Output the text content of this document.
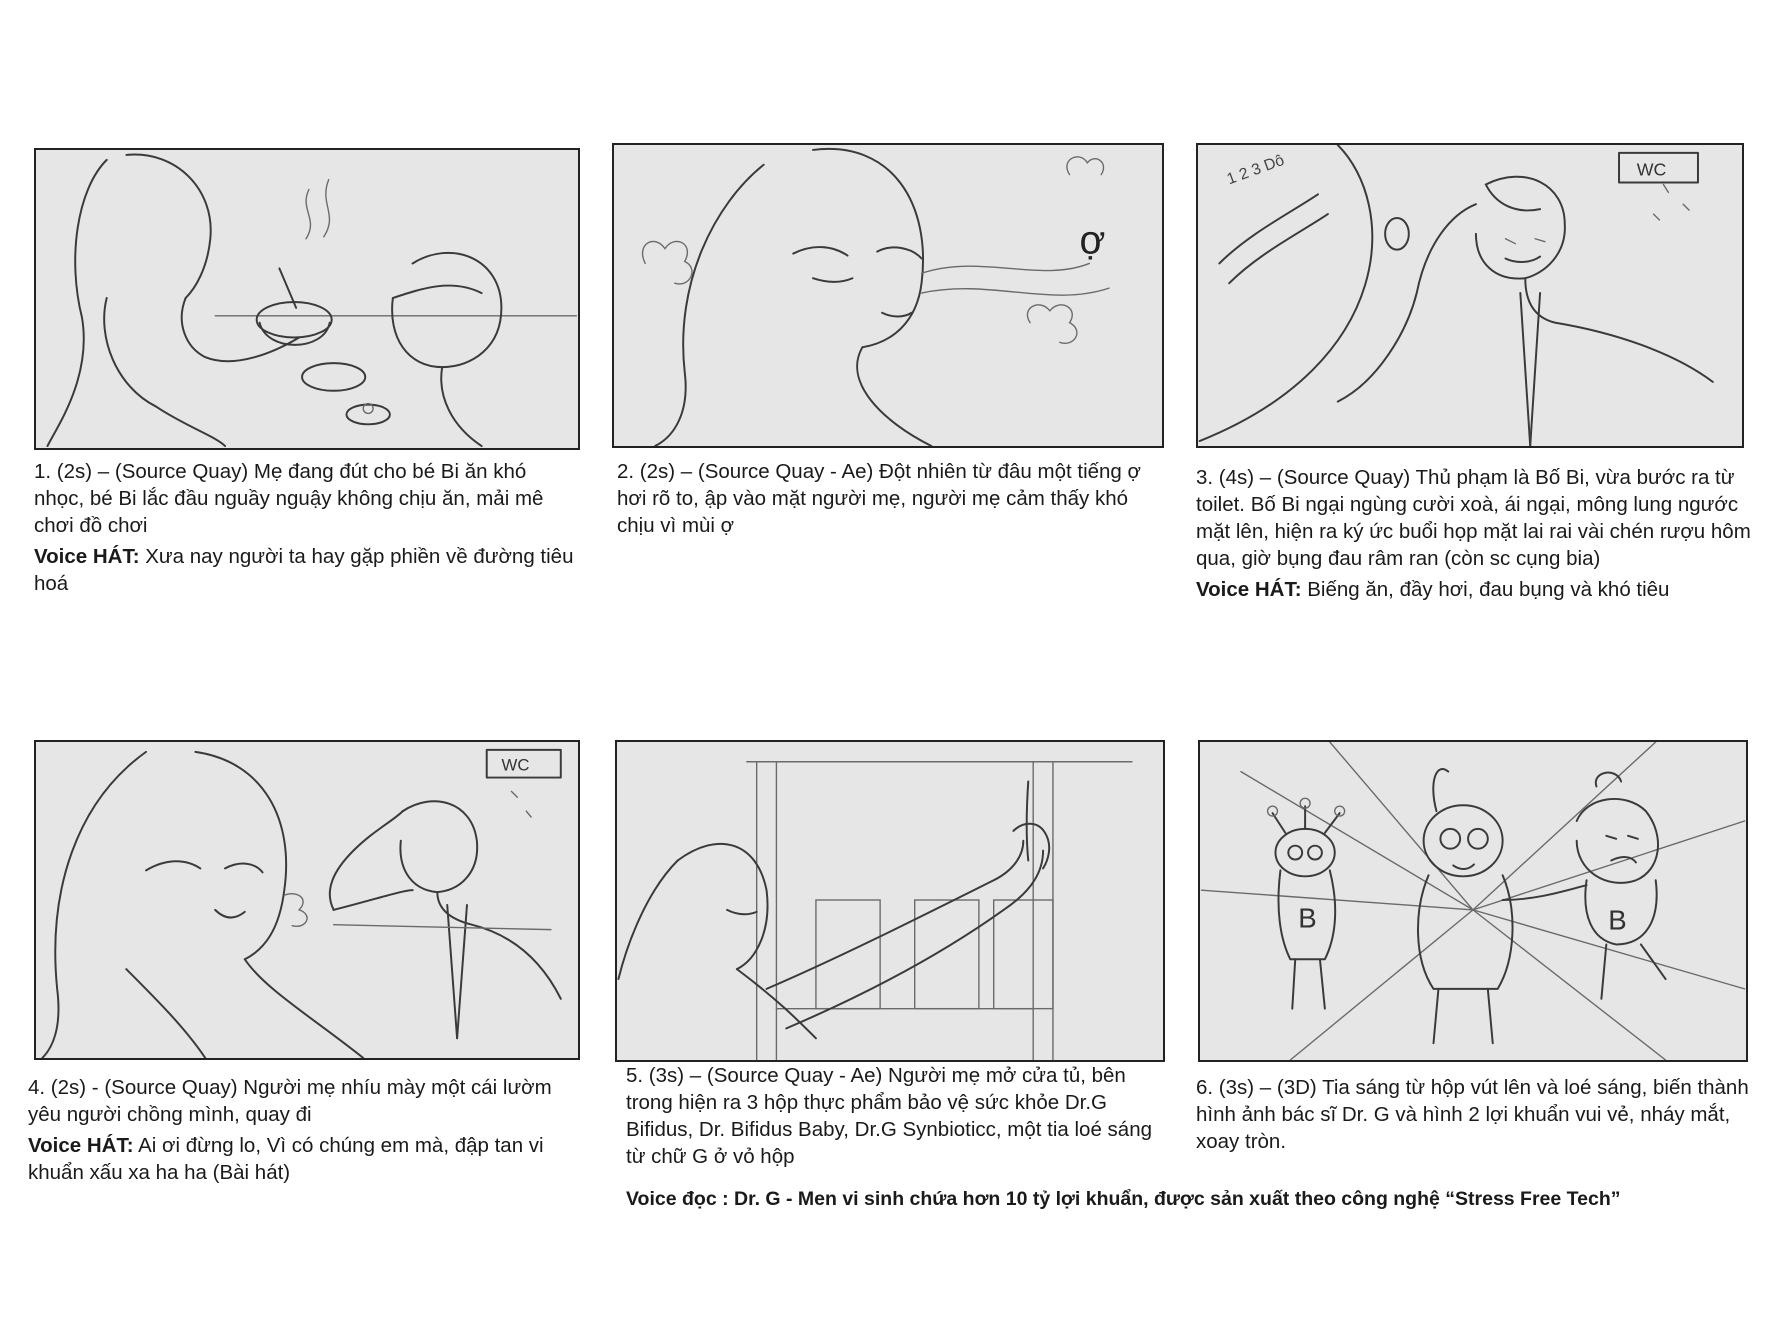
1. (2s) – (Source Quay) Mẹ đang đút cho bé Bi ăn khó nhọc, bé Bi lắc đầu nguầy nguậy không chịu ăn, mải mê chơi đồ chơi

Voice HÁT: Xưa nay người ta hay gặp phiền về đường tiêu hoá

ợ

2. (2s) – (Source Quay - Ae) Đột nhiên từ đâu một tiếng ợ hơi rõ to, ập vào mặt người mẹ, người mẹ cảm thấy khó chịu vì mùi ợ

WC
1 2 3 Dô

3. (4s) – (Source Quay) Thủ phạm là Bố Bi, vừa bước ra từ toilet. Bố Bi ngại ngùng cười xoà, ái ngại, mông lung ngước mặt lên, hiện ra ký ức buổi họp mặt lai rai vài chén rượu hôm qua, giờ bụng đau râm ran (còn sc cụng bia)

Voice HÁT: Biếng ăn, đầy hơi, đau bụng và khó tiêu

WC

4. (2s) - (Source Quay) Người mẹ nhíu mày một cái lườm yêu người chồng mình, quay đi

Voice HÁT: Ai ơi đừng lo, Vì có chúng em mà, đập tan vi khuẩn xấu xa ha ha (Bài hát)

5. (3s) – (Source Quay - Ae) Người mẹ mở cửa tủ, bên trong hiện ra 3 hộp thực phẩm bảo vệ sức khỏe Dr.G Bifidus, Dr. Bifidus Baby, Dr.G Synbioticc, một tia loé sáng từ chữ G ở vỏ hộp

B	B

6. (3s) – (3D) Tia sáng từ hộp vút lên và loé sáng, biến thành hình ảnh bác sĩ Dr. G và hình 2 lợi khuẩn vui vẻ, nháy mắt, xoay tròn.

Voice đọc : Dr. G - Men vi sinh chứa hơn 10 tỷ lợi khuẩn, được sản xuất theo công nghệ “Stress Free Tech”
